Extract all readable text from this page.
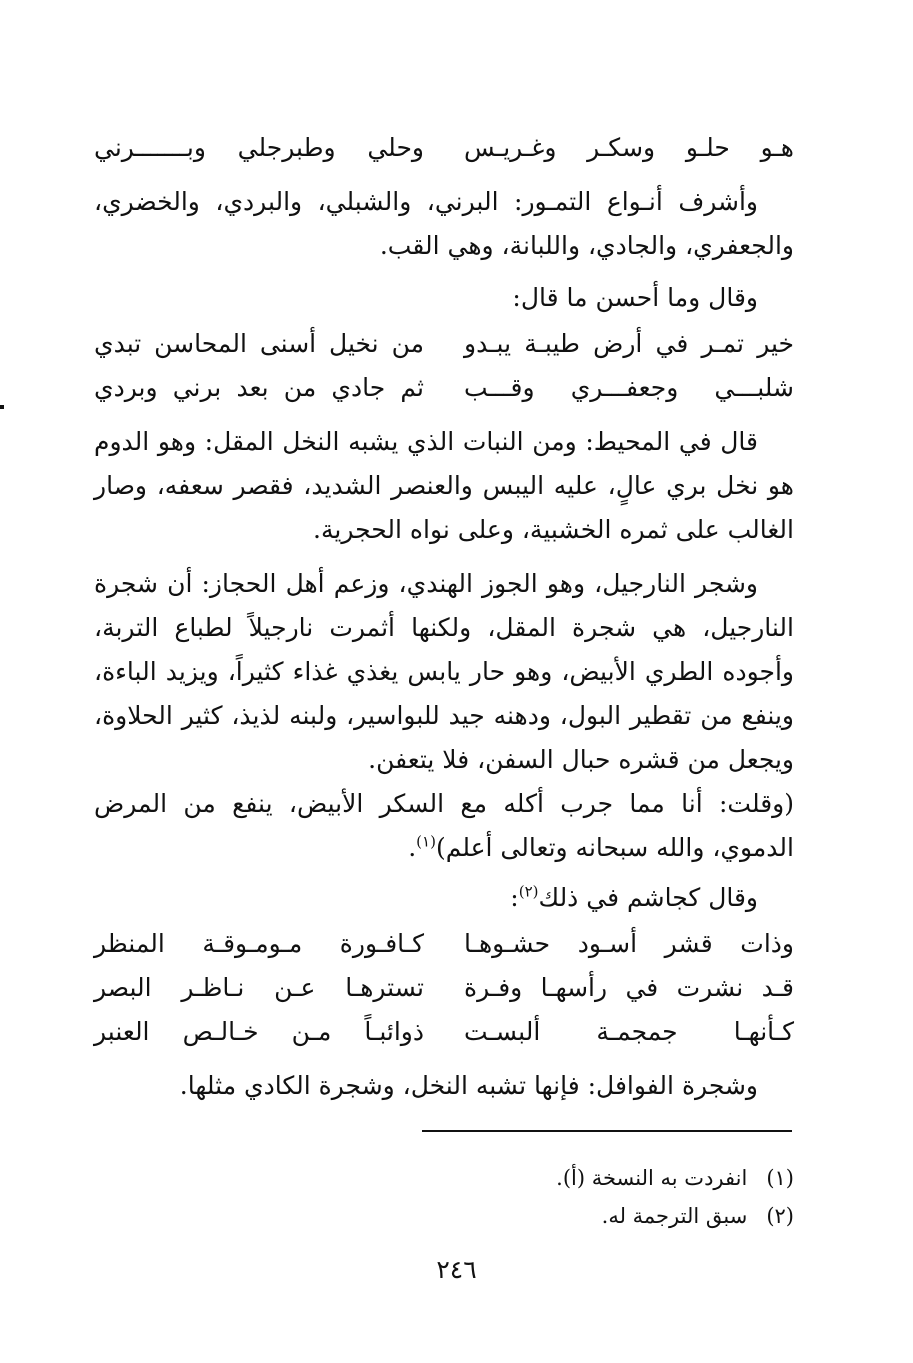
هـو حلـو وسكـر وغـريـس
وحلي وطبرجلي وبـــــــرني
وأشرف أنـواع التمـور: البرني، والشبلي، والبردي، والخضري، والجعفري، والجادي، واللبانة، وهي القب.
وقال وما أحسن ما قال:
خير تمـر في أرض طيبـة يبـدو
من نخيل أسنى المحاسن تبدي
شلبـــي وجعفـــري وقـــب
ثم جادي من بعد برني وبردي
قال في المحيط: ومن النبات الذي يشبه النخل المقل: وهو الدوم هو نخل بري عالٍ، عليه اليبس والعنصر الشديد، فقصر سعفه، وصار الغالب على ثمره الخشبية، وعلى نواه الحجرية.
وشجر النارجيل، وهو الجوز الهندي، وزعم أهل الحجاز: أن شجرة النارجيل، هي شجرة المقل، ولكنها أثمرت نارجيلاً لطباع التربة، وأجوده الطري الأبيض، وهو حار يابس يغذي غذاء كثيراً، ويزيد الباءة، وينفع من تقطير البول، ودهنه جيد للبواسير، ولبنه لذيذ، كثير الحلاوة، ويجعل من قشره حبال السفن، فلا يتعفن.
(وقلت: أنا مما جرب أكله مع السكر الأبيض، ينفع من المرض الدموي، والله سبحانه وتعالى أعلم)$^{(١)}$.
وقال كجاشم في ذلك$^{(٢)}$:
وذات قشر أسـود حشـوهـا
كـافـورة مـومـوقـة المنظر
قـد نشرت في رأسهـا وفـرة
تسترهـا عـن نـاظـر البصر
كـأنهـا جمجمـة ألبسـت
ذوائبـاً مـن خـالـص العنبر
وشجرة الفوافل: فإنها تشبه النخل، وشجرة الكادي مثلها.
(١) انفردت به النسخة (أ).
(٢) سبق الترجمة له.
٢٤٦
